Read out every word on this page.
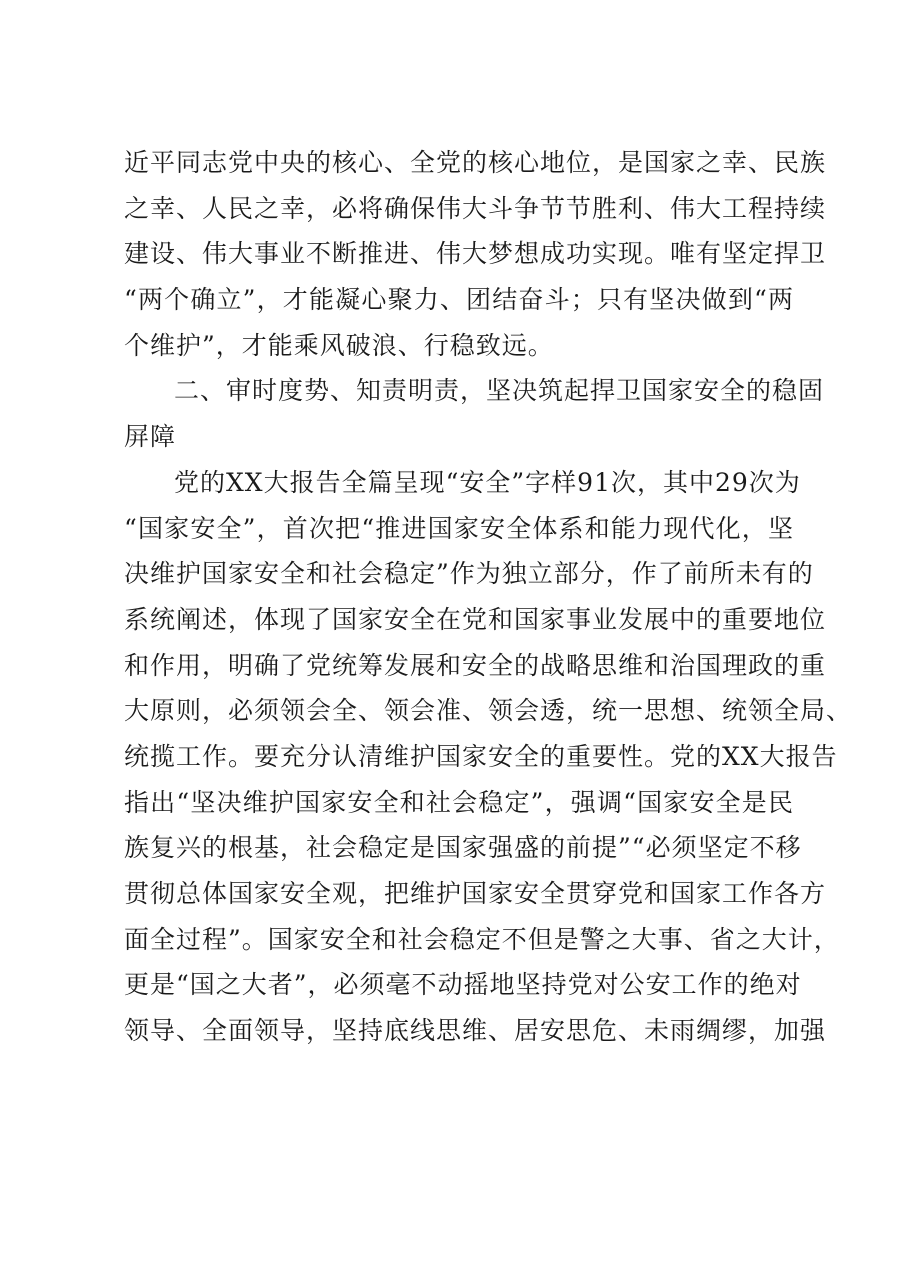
近平同志党中央的核心、全党的核心地位，是国家之幸、民族
之幸、人民之幸，必将确保伟大斗争节节胜利、伟大工程持续
建设、伟大事业不断推进、伟大梦想成功实现。唯有坚定捍卫
“两个确立”，才能凝心聚力、团结奋斗；只有坚决做到“两
个维护”，才能乘风破浪、行稳致远。
二、审时度势、知责明责，坚决筑起捍卫国家安全的稳固
屏障
党的XX大报告全篇呈现“安全”字样91次，其中29次为
“国家安全”，首次把“推进国家安全体系和能力现代化，坚
决维护国家安全和社会稳定”作为独立部分，作了前所未有的
系统阐述，体现了国家安全在党和国家事业发展中的重要地位
和作用，明确了党统筹发展和安全的战略思维和治国理政的重
大原则，必须领会全、领会准、领会透，统一思想、统领全局、
统揽工作。要充分认清维护国家安全的重要性。党的XX大报告
指出“坚决维护国家安全和社会稳定”，强调“国家安全是民
族复兴的根基，社会稳定是国家强盛的前提”“必须坚定不移
贯彻总体国家安全观，把维护国家安全贯穿党和国家工作各方
面全过程”。国家安全和社会稳定不但是警之大事、省之大计，
更是“国之大者”，必须毫不动摇地坚持党对公安工作的绝对
领导、全面领导，坚持底线思维、居安思危、未雨绸缪，加强
